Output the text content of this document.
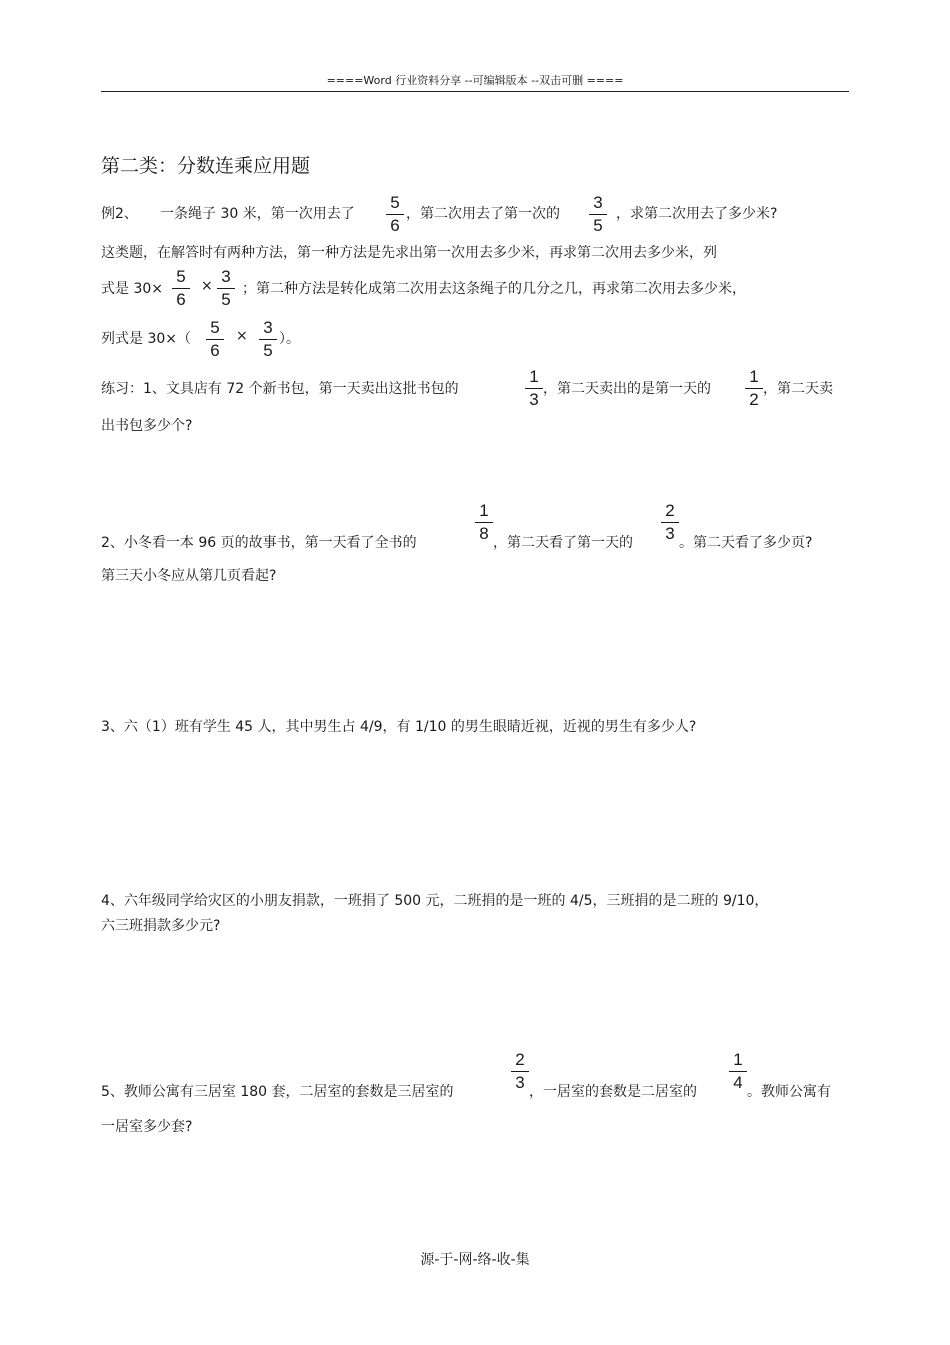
====Word 行业资料分享 --可编辑版本 --双击可删 ====
第二类：分数连乘应用题
例2、 一条绳子 30 米，第一次用去了
5
6
，第二次用去了第一次的
3
5
，求第二次用去了多少米?
这类题，在解答时有两种方法，第一种方法是先求出第一次用去多少米，再求第二次用去多少米，列
式是 30×
5
6
× 3
5
；第二种方法是转化成第二次用去这条绳子的几分之几，再求第二次用去多少米，
列式是 30×（
5
6
× 3
5
）。
练习：1、文具店有 72 个新书包，第一天卖出这批书包的
1
3
，第二天卖出的是第一天的
1
2
，第二天卖
出书包多少个?
2、小冬看一本 96 页的故事书，第一天看了全书的
1
8 ，第二天看了第一天的
2
3 。第二天看了多少页?
第三天小冬应从第几页看起?
3、六（1）班有学生 45 人，其中男生占 4/9，有 1/10 的男生眼睛近视，近视的男生有多少人?
4、六年级同学给灾区的小朋友捐款，一班捐了 500 元，二班捐的是一班的 4/5，三班捐的是二班的 9/10，
六三班捐款多少元?
5、教师公寓有三居室 180 套，二居室的套数是三居室的
2
3 ，一居室的套数是二居室的
1
4 。教师公寓有
一居室多少套?
源-于-网-络-收-集
